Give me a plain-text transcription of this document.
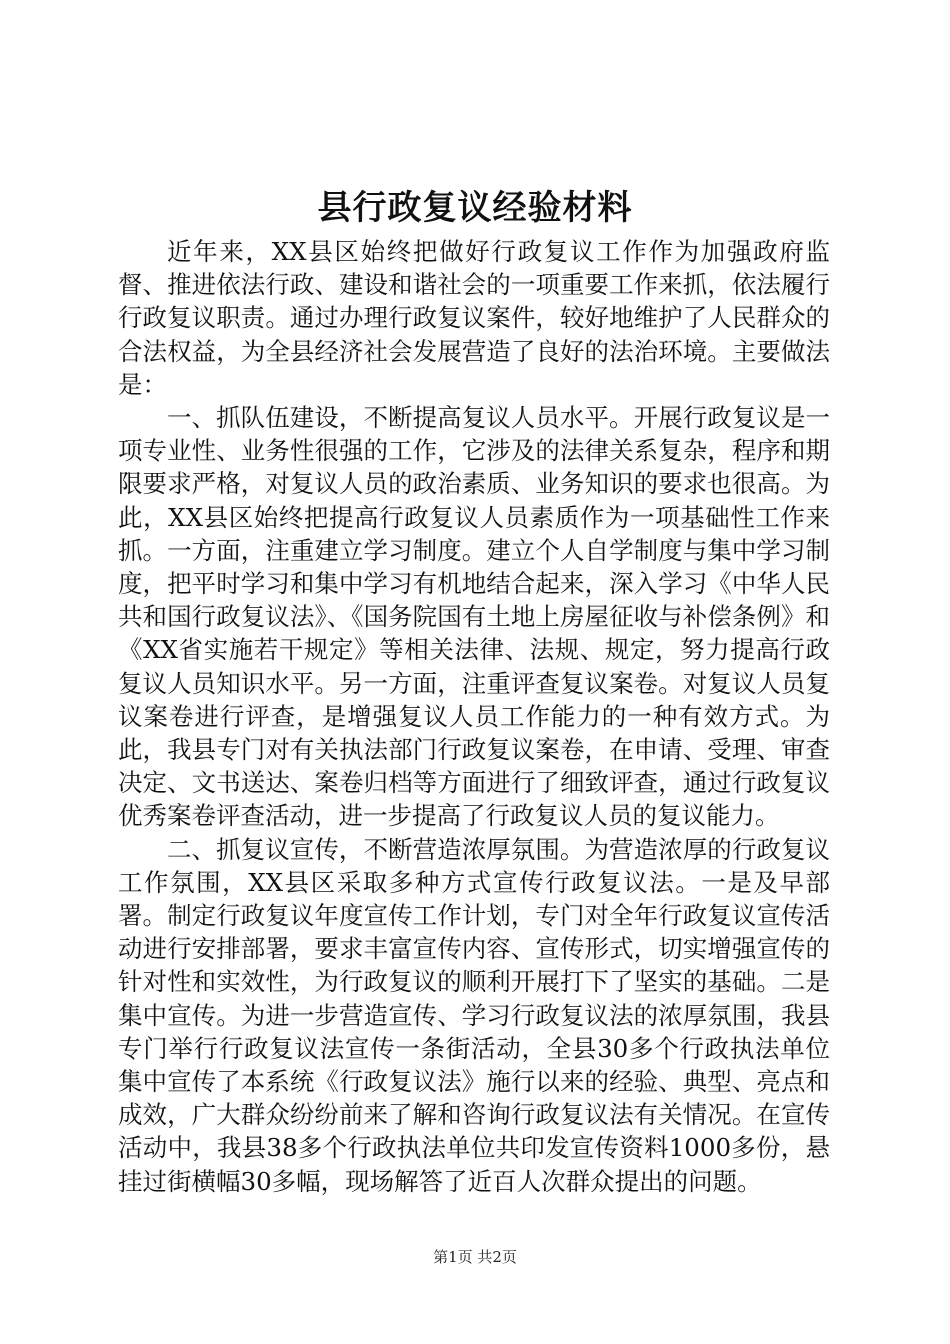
县行政复议经验材料

近年来，XX县区始终把做好行政复议工作作为加强政府监督、推进依法行政、建设和谐社会的一项重要工作来抓，依法履行行政复议职责。通过办理行政复议案件，较好地维护了人民群众的合法权益，为全县经济社会发展营造了良好的法治环境。主要做法是：

一、抓队伍建设，不断提高复议人员水平。开展行政复议是一项专业性、业务性很强的工作，它涉及的法律关系复杂，程序和期限要求严格，对复议人员的政治素质、业务知识的要求也很高。为此，XX县区始终把提高行政复议人员素质作为一项基础性工作来抓。一方面，注重建立学习制度。建立个人自学制度与集中学习制度，把平时学习和集中学习有机地结合起来，深入学习《中华人民共和国行政复议法》、《国务院国有土地上房屋征收与补偿条例》和《XX省实施若干规定》等相关法律、法规、规定，努力提高行政复议人员知识水平。另一方面，注重评查复议案卷。对复议人员复议案卷进行评查，是增强复议人员工作能力的一种有效方式。为此，我县专门对有关执法部门行政复议案卷，在申请、受理、审查决定、文书送达、案卷归档等方面进行了细致评查，通过行政复议优秀案卷评查活动，进一步提高了行政复议人员的复议能力。

二、抓复议宣传，不断营造浓厚氛围。为营造浓厚的行政复议工作氛围，XX县区采取多种方式宣传行政复议法。一是及早部署。制定行政复议年度宣传工作计划，专门对全年行政复议宣传活动进行安排部署，要求丰富宣传内容、宣传形式，切实增强宣传的针对性和实效性，为行政复议的顺利开展打下了坚实的基础。二是集中宣传。为进一步营造宣传、学习行政复议法的浓厚氛围，我县专门举行行政复议法宣传一条街活动，全县30多个行政执法单位集中宣传了本系统《行政复议法》施行以来的经验、典型、亮点和成效，广大群众纷纷前来了解和咨询行政复议法有关情况。在宣传活动中，我县38多个行政执法单位共印发宣传资料1000多份，悬挂过街横幅30多幅，现场解答了近百人次群众提出的问题。

第1页 共2页
